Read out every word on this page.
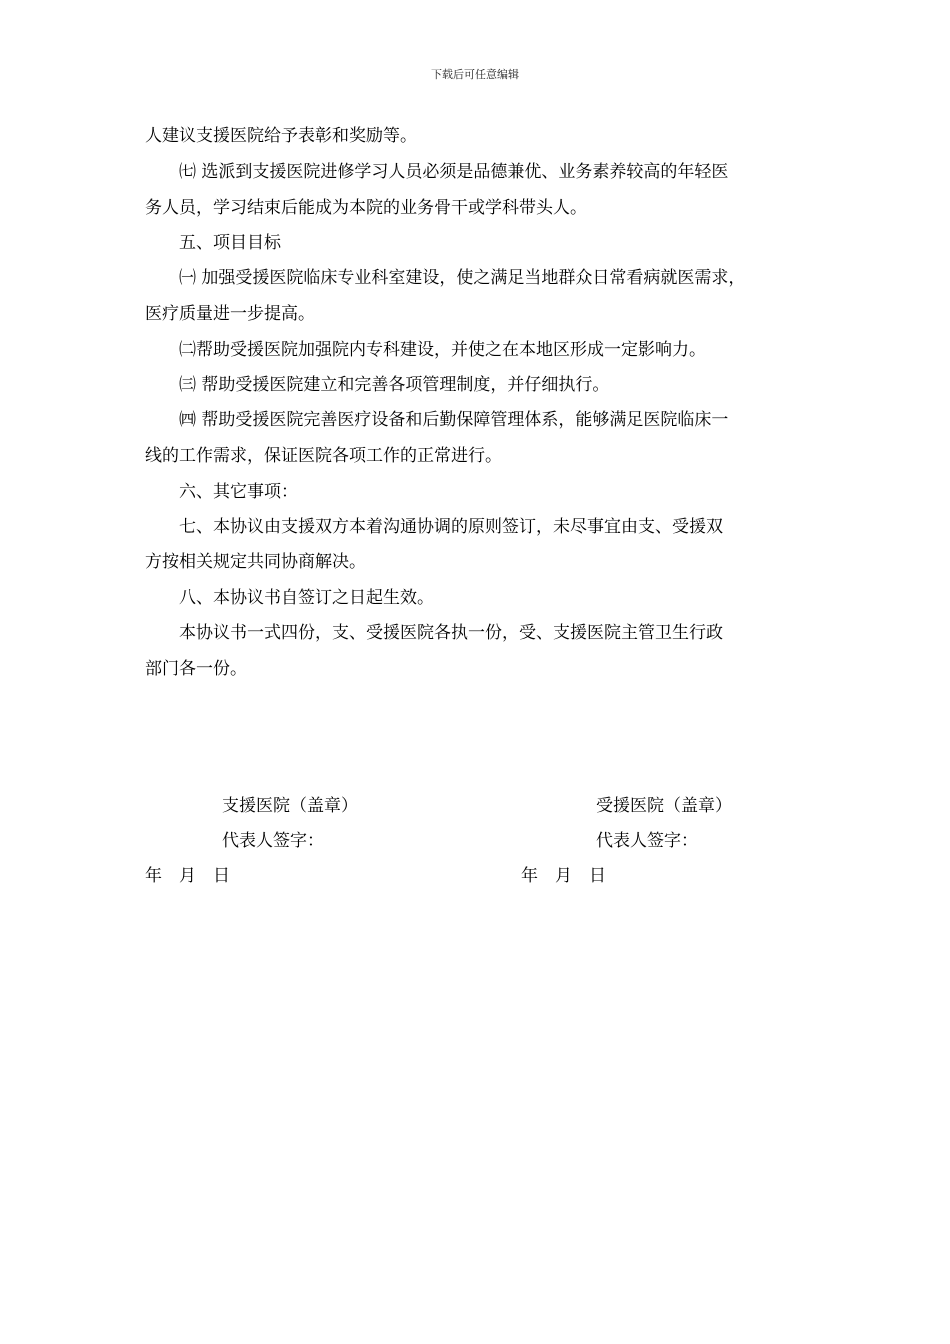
下载后可任意编辑
人建议支援医院给予表彰和奖励等。
㈦ 选派到支援医院进修学习人员必须是品德兼优、业务素养较高的年轻医
务人员，学习结束后能成为本院的业务骨干或学科带头人。
五、项目目标
㈠ 加强受援医院临床专业科室建设，使之满足当地群众日常看病就医需求，
医疗质量进一步提高。
㈡帮助受援医院加强院内专科建设，并使之在本地区形成一定影响力。
㈢ 帮助受援医院建立和完善各项管理制度，并仔细执行。
㈣ 帮助受援医院完善医疗设备和后勤保障管理体系，能够满足医院临床一
线的工作需求，保证医院各项工作的正常进行。
六、其它事项：
七、本协议由支援双方本着沟通协调的原则签订，未尽事宜由支、受援双
方按相关规定共同协商解决。
八、本协议书自签订之日起生效。
本协议书一式四份，支、受援医院各执一份，受、支援医院主管卫生行政
部门各一份。
支援医院（盖章）
代表人签字：
年　月　日
受援医院（盖章）
代表人签字：
年　月　日
